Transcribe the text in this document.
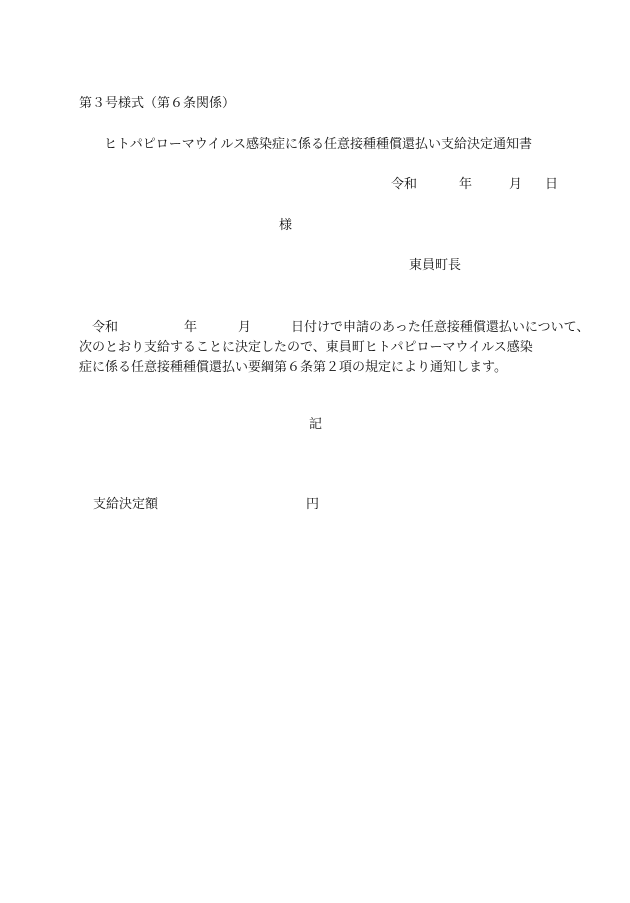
第３号様式（第６条関係）
ヒトパピローマウイルス感染症に係る任意接種種償還払い支給決定通知書
令和	年	月 日
様
東員町長
令和	年	月	日付けで申請のあった任意接種償還払いについて、
次のとおり支給することに決定したので、東員町ヒトパピローマウイルス感染
症に係る任意接種種償還払い要綱第６条第２項の規定により通知します。
記
支給決定額	円
